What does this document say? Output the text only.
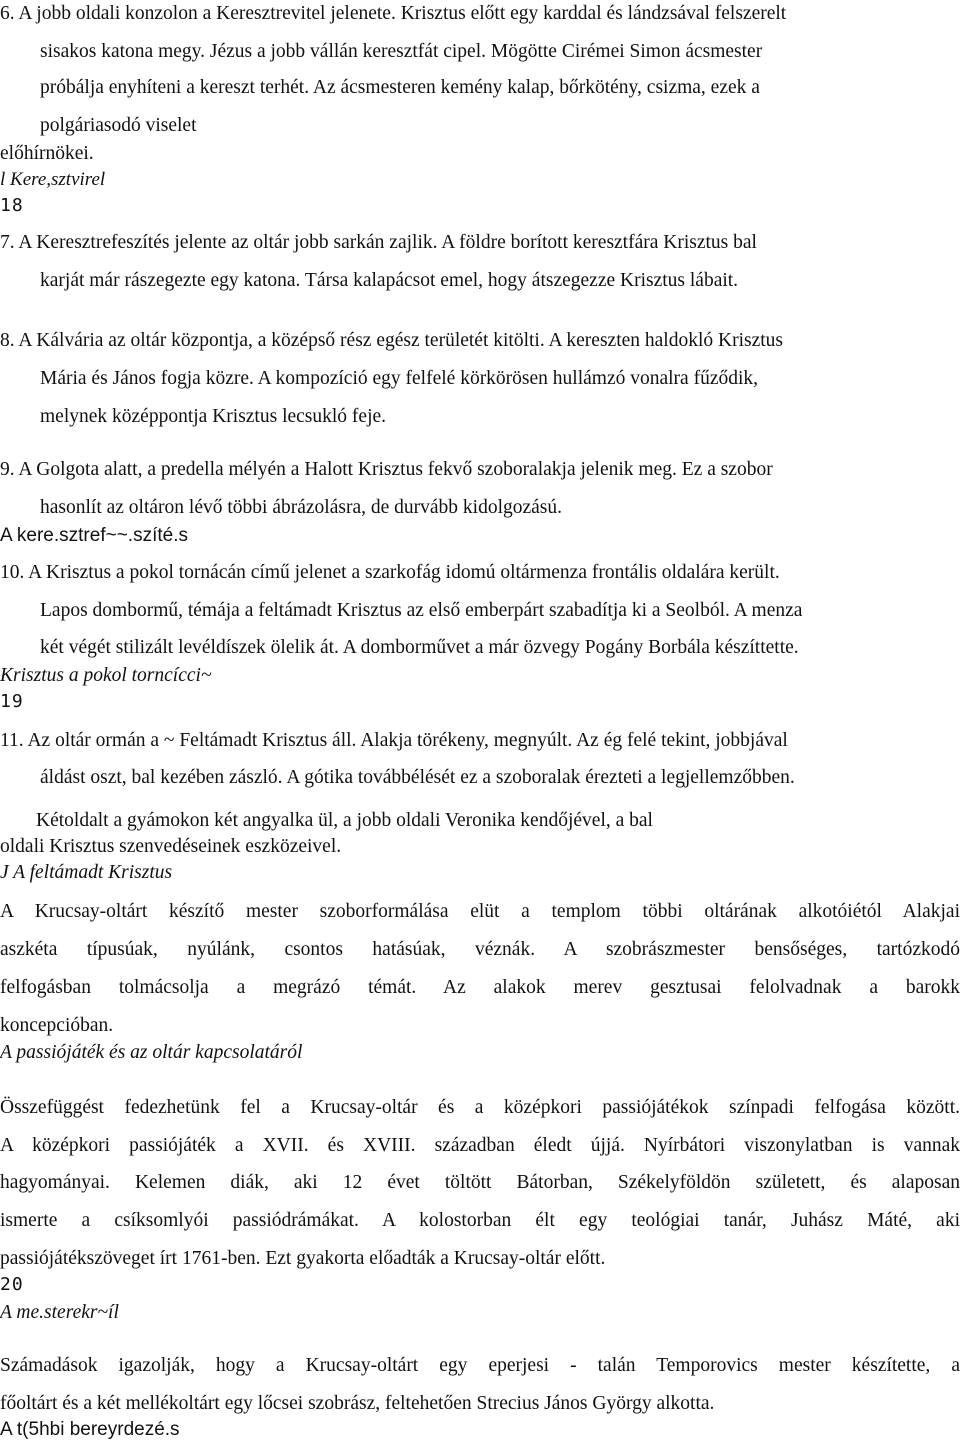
6. A jobb oldali konzolon a Keresztrevitel jelenete. Krisztus előtt egy karddal és lándzsával felszerelt
sisakos katona megy. Jézus a jobb vállán keresztfát cipel. Mögötte Cirémei Simon ácsmester
próbálja enyhíteni a kereszt terhét. Az ácsmesteren kemény kalap, bőrkötény, csizma, ezek a
polgáriasodó viselet
előhírnökei.
l Kere,sztvirel
18
7. A Keresztrefeszítés jelente az oltár jobb sarkán zajlik. A földre borított keresztfára Krisztus bal
karját már rászegezte egy katona. Társa kalapácsot emel, hogy átszegezze Krisztus lábait.
8. A Kálvária az oltár központja, a középső rész egész területét kitölti. A kereszten haldokló Krisztus
Mária és János fogja közre. A kompozíció egy felfelé körkörösen hullámzó vonalra fűződik,
melynek középpontja Krisztus lecsukló feje.
9. A Golgota alatt, a predella mélyén a Halott Krisztus fekvő szoboralakja jelenik meg. Ez a szobor
hasonlít az oltáron lévő többi ábrázolásra, de durvább kidolgozású.
A kere.sztref~~.szíté.s
10. A Krisztus a pokol tornácán című jelenet a szarkofág idomú oltármenza frontális oldalára került.
Lapos dombormű, témája a feltámadt Krisztus az első emberpárt szabadítja ki a Seolból. A menza
két végét stilizált levéldíszek ölelik át. A domborművet a már özvegy Pogány Borbála készíttette.
Krisztus a pokol torncícci~
19
11. Az oltár ormán a ~ Feltámadt Krisztus áll. Alakja törékeny, megnyúlt. Az ég felé tekint, jobbjával
áldást oszt, bal kezében zászló. A gótika továbbélését ez a szoboralak érezteti a legjellemzőbben.
Kétoldalt a gyámokon két angyalka ül, a jobb oldali Veronika kendőjével, a bal
oldali Krisztus szenvedéseinek eszközeivel.
J A feltámadt Krisztus
A Krucsay-oltárt készítő mester szoborformálása elüt a templom többi oltárának alkotóiétól Alakjai
aszkéta típusúak, nyúlánk, csontos hatásúak, véznák. A szobrászmester bensőséges, tartózkodó
felfogásban tolmácsolja a megrázó témát. Az alakok merev gesztusai felolvadnak a barokk
koncepcióban.
A passiójáték és az oltár kapcsolatáról
Összefüggést fedezhetünk fel a Krucsay-oltár és a középkori passiójátékok színpadi felfogása között.
A középkori passiójáték a XVII. és XVIII. században éledt újjá. Nyírbátori viszonylatban is vannak
hagyományai. Kelemen diák, aki 12 évet töltött Bátorban, Székelyföldön született, és alaposan
ismerte a csíksomlyói passiódrámákat. A kolostorban élt egy teológiai tanár, Juhász Máté, aki
passiójátékszöveget írt 1761-ben. Ezt gyakorta előadták a Krucsay-oltár előtt.
20
A me.sterekr~íl
Számadások igazolják, hogy a Krucsay-oltárt egy eperjesi - talán Temporovics mester készítette, a
főoltárt és a két mellékoltárt egy lőcsei szobrász, feltehetően Strecius János György alkotta.
A t(5hbi bereyrdezé.s
